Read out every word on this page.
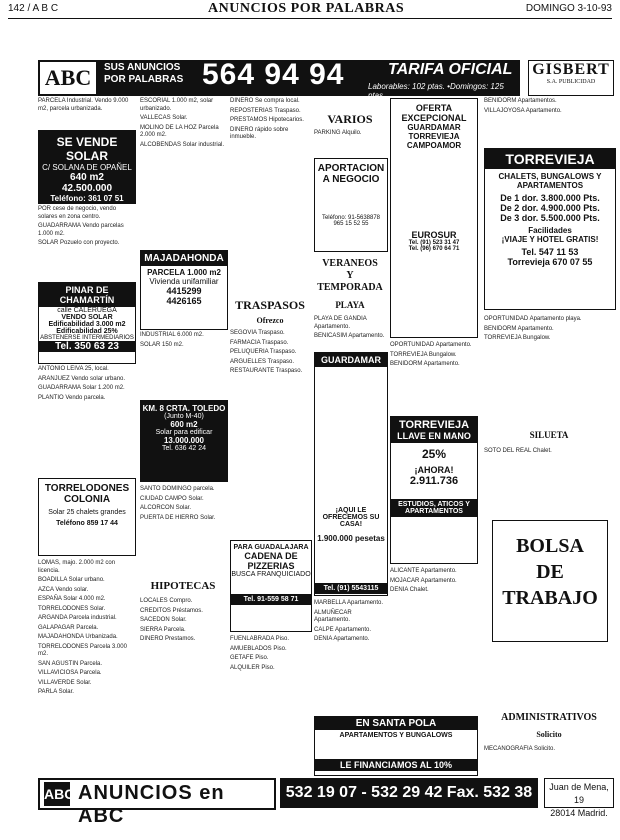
142 / A B C	ANUNCIOS POR PALABRAS	DOMINGO 3-10-93
ABC	SUS ANUNCIOS
POR PALABRAS 564 94 94	TARIFA OFICIAL
Laborables: 102 ptas. •Domingos: 125 ptas.
GISBERT
S.A. PUBLICIDAD

PARCELA Industrial. Vendo 9.000 m2, parcela urbanizada.

SE VENDE SOLAR
C/ SOLANA DE OPAÑEL
640 m2
42.500.000
Teléfono: 361 07 51

POR cese de negocio, vendo solares en zona centro.

GUADARRAMA Vendo parcelas 1.000 m2.

SOLAR Pozuelo con proyecto.

PINAR DE CHAMARTÍN
calle CALERUEGA
VENDO SOLAR
Edificabilidad 3.000 m2
Edificabilidad 25%
ABSTENERSE INTERMEDIARIOS
Tel. 350 63 23

ANTONIO LEIVA 25, local.

ARANJUEZ Vendo solar urbano.

GUADARRAMA Solar 1.200 m2.

PLANTIO Vendo parcela.

TORRELODONES
COLONIA
Solar 25 chalets grandes
Teléfono 859 17 44

LOMAS, majo. 2.000 m2 con licencia.

BOADILLA Solar urbano.

AZCA Vendo solar.

ESPAÑA Solar 4.000 m2.

TORRELODONES Solar.

ARGANDA Parcela industrial.

GALAPAGAR Parcela.

MAJADAHONDA Urbanizada.

TORRELODONES Parcela 3.000 m2.

SAN AGUSTIN Parcela.

VILLAVICIOSA Parcela.

VILLAVERDE Solar.

PARLA Solar.

ESCORIAL 1.000 m2, solar urbanizado.

VALLECAS Solar.

MOLINO DE LA HOZ Parcela 2.000 m2.

ALCOBENDAS Solar industrial.

MAJADAHONDA
PARCELA 1.000 m2
Vivienda unifamiliar
4415299
4426165

INDUSTRIAL 6.000 m2.

SOLAR 150 m2.

KM. 8 CRTA. TOLEDO
(Junto M-40)
600 m2
Solar para edificar
13.000.000
Tel. 636 42 24

SANTO DOMINGO parcela.

CIUDAD CAMPO Solar.

ALCORCON Solar.

PUERTA DE HIERRO Solar.

HIPOTECAS

LOCALES Compro.

CREDITOS Préstamos.

SACEDON Solar.

SIERRA Parcela.

DINERO Prestamos.

DINERO Se compra local.

REPOSTERIAS Traspaso.

PRESTAMOS Hipotecarios.

DINERO rápido sobre inmueble.

TRASPASOS
Ofrezco

SEGOVIA Traspaso.

FARMACIA Traspaso.

PELUQUERIA Traspaso.

ARGUELLES Traspaso.

RESTAURANTE Traspaso.

PARA GUADALAJARA
CADENA DE
PIZZERIAS
BUSCA FRANQUICIADO
Tel. 91-559 58 71

FUENLABRADA Piso.

AMUEBLADOS Piso.

GETAFE Piso.

ALQUILER Piso.

VARIOS

PARKING Alquilo.

APORTACION
A NEGOCIO
Teléfono: 91-5638878
965 15 52 55
VERANEOS
Y TEMPORADA
PLAYA

PLAYA DE GANDIA Apartamento.

BENICASIM Apartamento.

GUARDAMAR
¡AQUI LE OFRECEMOS SU CASA!
1.900.000 pesetas
Tel. (91) 5543115

MARBELLA Apartamento.

ALMUÑECAR Apartamento.

CALPE Apartamento.

DENIA Apartamento.

OFERTA
EXCEPCIONAL
GUARDAMAR
TORREVIEJA
CAMPOAMOR
EUROSUR
Tel. (91) 523 31 47
Tel. (96) 670 64 71

OPORTUNIDAD Apartamento.

TORREVIEJA Bungalow.

BENIDORM Apartamento.

TORREVIEJA
LLAVE EN MANO
25%
¡AHORA!
2.911.736
ESTUDIOS, ATICOS Y APARTAMENTOS

ALICANTE Apartamento.

MOJACAR Apartamento.

DENIA Chalet.

EN SANTA POLA
APARTAMENTOS Y BUNGALOWS
LE FINANCIAMOS AL 10%

BENIDORM Apartamentos.

VILLAJOYOSA Apartamento.

TORREVIEJA
CHALETS, BUNGALOWS Y APARTAMENTOS
De 1 dor. 3.800.000 Pts.
De 2 dor. 4.900.000 Pts.
De 3 dor. 5.500.000 Pts.
Facilidades
¡VIAJE Y HOTEL GRATIS!
Tel. 547 11 53
Torrevieja 670 07 55

OPORTUNIDAD Apartamento playa.

BENIDORM Apartamento.

TORREVIEJA Bungalow.

SILUETA

SOTO DEL REAL Chalet.

BOLSA
DE
TRABAJO
ADMINISTRATIVOS
Solicito

MECANOGRAFIA Solicito.

ABC ANUNCIOS en ABC
532 19 07 - 532 29 42 Fax. 532 38 87
Juan de Mena, 19
28014 Madrid.
